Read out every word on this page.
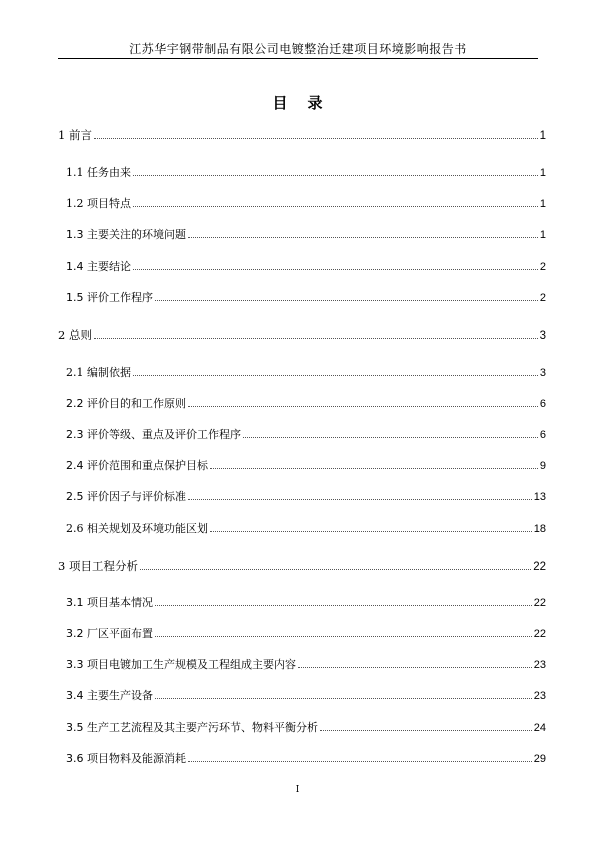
江苏华宇钢带制品有限公司电镀整治迁建项目环境影响报告书
目 录
1 前言	1
1.1 任务由来	1
1.2 项目特点	1
1.3 主要关注的环境问题	1
1.4 主要结论	2
1.5 评价工作程序	2
2 总则	3
2.1 编制依据	3
2.2 评价目的和工作原则	6
2.3 评价等级、重点及评价工作程序	6
2.4 评价范围和重点保护目标	9
2.5 评价因子与评价标准	13
2.6 相关规划及环境功能区划	18
3 项目工程分析	22
3.1 项目基本情况	22
3.2 厂区平面布置	22
3.3 项目电镀加工生产规模及工程组成主要内容	23
3.4 主要生产设备	23
3.5 生产工艺流程及其主要产污环节、物料平衡分析	24
3.6 项目物料及能源消耗	29
I
